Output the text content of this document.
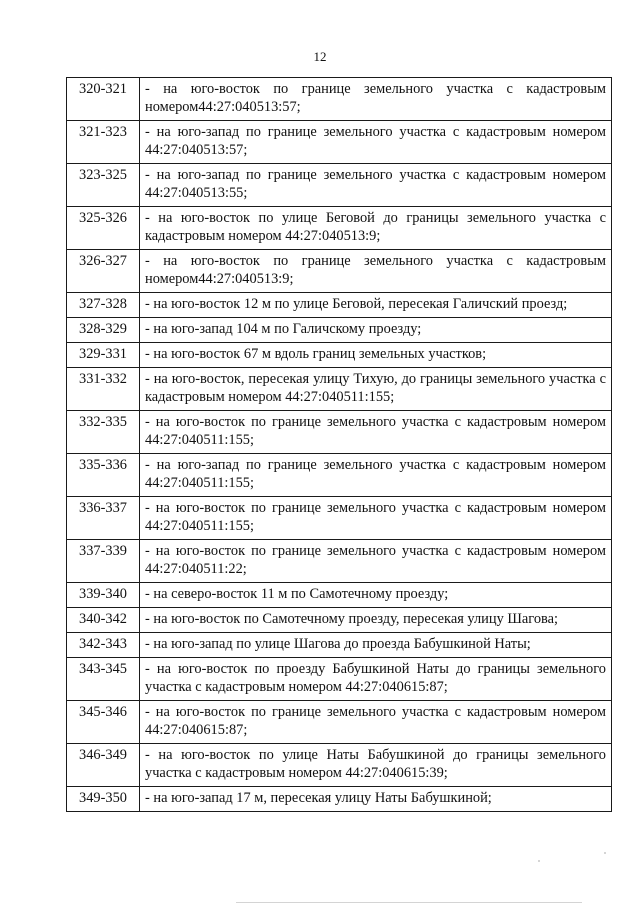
12
320-321	- на юго-восток по границе земельного участка с кадастровым номером44:27:040513:57;
321-323	- на юго-запад по границе земельного участка с кадастровым номером 44:27:040513:57;
323-325	- на юго-запад по границе земельного участка с кадастровым номером 44:27:040513:55;
325-326	- на юго-восток по улице Беговой до границы земельного участка с кадастровым номером 44:27:040513:9;
326-327	- на юго-восток по границе земельного участка с кадастровым номером44:27:040513:9;
327-328	- на юго-восток 12 м по улице Беговой, пересекая Галичский проезд;
328-329	- на юго-запад 104 м по Галичскому проезду;
329-331	- на юго-восток 67 м вдоль границ земельных участков;
331-332	- на юго-восток, пересекая улицу Тихую, до границы земельного участка с кадастровым номером 44:27:040511:155;
332-335	- на юго-восток по границе земельного участка с кадастровым номером 44:27:040511:155;
335-336	- на юго-запад по границе земельного участка с кадастровым номером 44:27:040511:155;
336-337	- на юго-восток по границе земельного участка с кадастровым номером 44:27:040511:155;
337-339	- на юго-восток по границе земельного участка с кадастровым номером 44:27:040511:22;
339-340	- на северо-восток 11 м по Самотечному проезду;
340-342	- на юго-восток по Самотечному проезду, пересекая улицу Шагова;
342-343	- на юго-запад по улице Шагова до проезда Бабушкиной Наты;
343-345	- на юго-восток по проезду Бабушкиной Наты до границы земельного участка с кадастровым номером 44:27:040615:87;
345-346	- на юго-восток по границе земельного участка с кадастровым номером 44:27:040615:87;
346-349	- на юго-восток по улице Наты Бабушкиной до границы земельного участка с кадастровым номером 44:27:040615:39;
349-350	- на юго-запад 17 м, пересекая улицу Наты Бабушкиной;
